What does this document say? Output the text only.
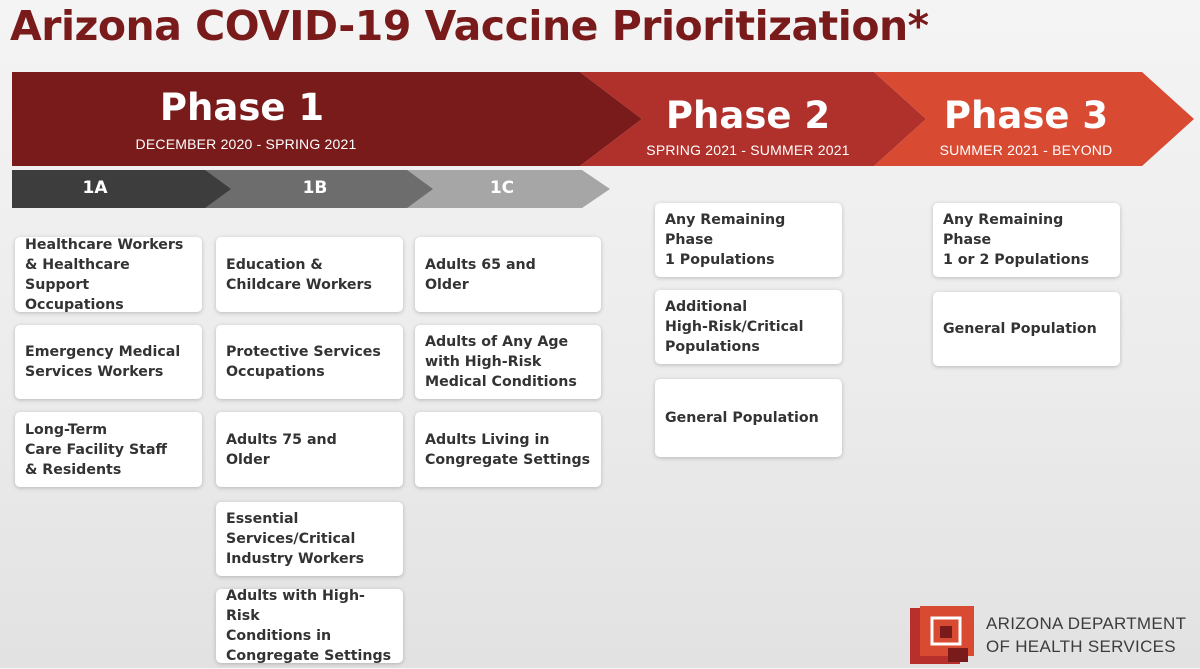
Arizona COVID-19 Vaccine Prioritization*
Phase 1
DECEMBER 2020 - SPRING 2021
Phase 2
SPRING 2021 - SUMMER 2021
Phase 3
SUMMER 2021 - BEYOND
1A	1B	1C
Healthcare Workers
& Healthcare Support
Occupations
Emergency Medical
Services Workers
Long-Term
Care Facility Staff
& Residents
Education &
Childcare Workers
Protective Services
Occupations
Adults 75 and
Older
Essential
Services/Critical
Industry Workers
Adults with High-Risk
Conditions in
Congregate Settings
Adults 65 and
Older
Adults of Any Age
with High-Risk
Medical Conditions
Adults Living in
Congregate Settings
Any Remaining Phase
1 Populations
Additional
High-Risk/Critical
Populations
General Population
Any Remaining Phase
1 or 2 Populations
General Population
ARIZONA DEPARTMENT
OF HEALTH SERVICES
